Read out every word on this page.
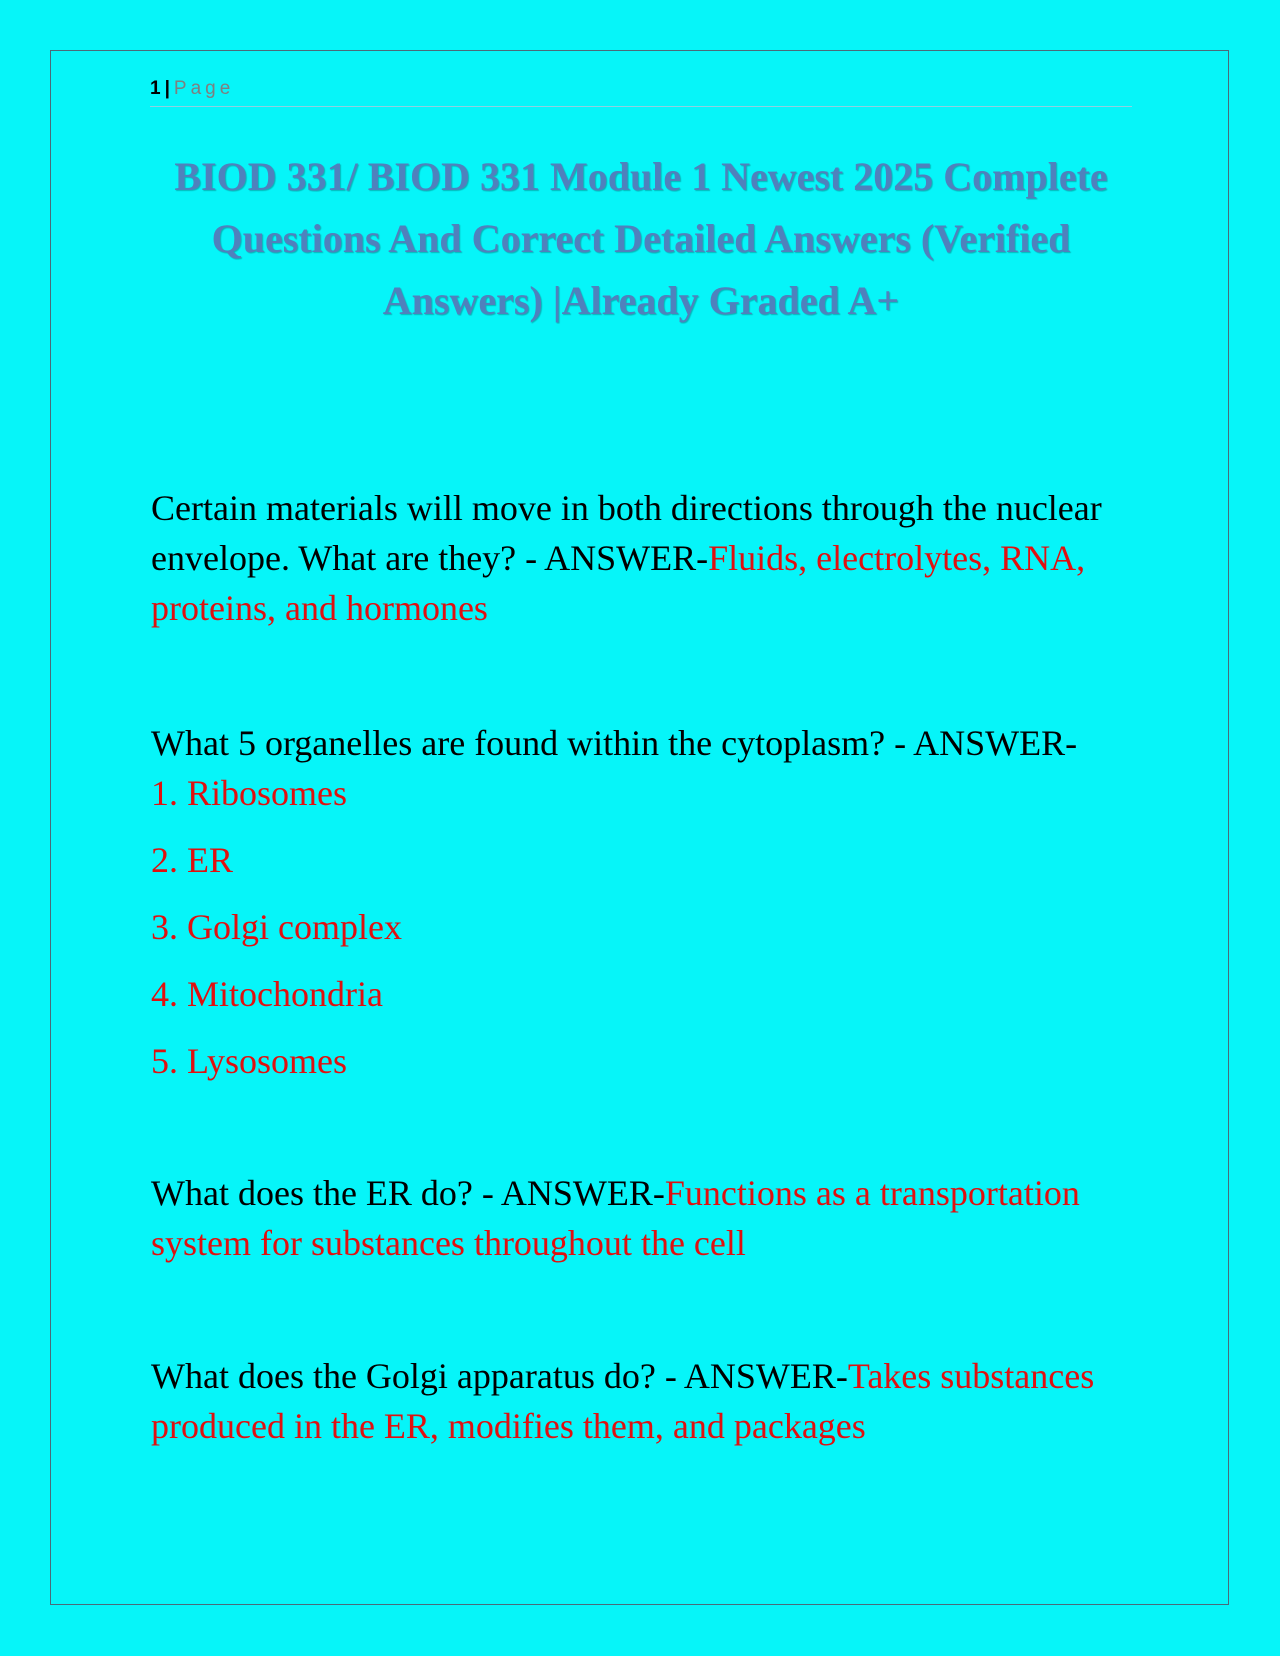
1 | Page
BIOD 331/ BIOD 331 Module 1 Newest 2025 Complete Questions And Correct Detailed Answers (Verified Answers) |Already Graded A+

Certain materials will move in both directions through the nuclear envelope. What are they? - ANSWER-Fluids, electrolytes, RNA, proteins, and hormones

What 5 organelles are found within the cytoplasm? - ANSWER-

1. Ribosomes
2. ER
3. Golgi complex
4. Mitochondria
5. Lysosomes

What does the ER do? - ANSWER-Functions as a transportation system for substances throughout the cell

What does the Golgi apparatus do? - ANSWER-Takes substances produced in the ER, modifies them, and packages
